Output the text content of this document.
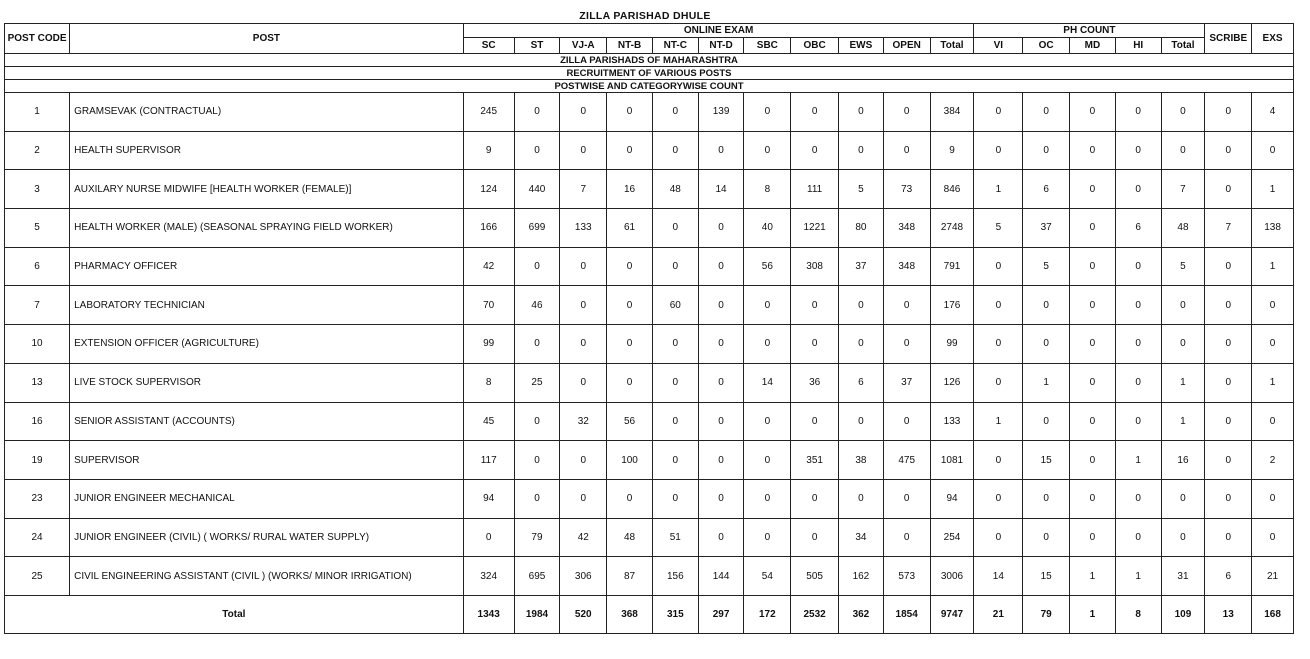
ZILLA PARISHAD DHULE
ZILLA PARISHADS OF MAHARASHTRA																			
RECRUITMENT OF VARIOUS POSTS																			
POSTWISE AND CATEGORYWISE COUNT																			
POST CODE	POST	ONLINE EXAM											PH COUNT					SCRIBE	EXS
		SC	ST	VJ-A	NT-B	NT-C	NT-D	SBC	OBC	EWS	OPEN	Total	VI	OC	MD	HI	Total		
1	GRAMSEVAK (CONTRACTUAL)	245	0	0	0	0	139	0	0	0	0	384	0	0	0	0	0	0	4
2	HEALTH SUPERVISOR	9	0	0	0	0	0	0	0	0	0	9	0	0	0	0	0	0	0
3	AUXILARY NURSE MIDWIFE [HEALTH WORKER (FEMALE)]	124	440	7	16	48	14	8	111	5	73	846	1	6	0	0	7	0	1
5	HEALTH WORKER (MALE) (SEASONAL SPRAYING FIELD WORKER)	166	699	133	61	0	0	40	1221	80	348	2748	5	37	0	6	48	7	138
6	PHARMACY OFFICER	42	0	0	0	0	0	56	308	37	348	791	0	5	0	0	5	0	1
7	LABORATORY TECHNICIAN	70	46	0	0	60	0	0	0	0	0	176	0	0	0	0	0	0	0
10	EXTENSION OFFICER (AGRICULTURE)	99	0	0	0	0	0	0	0	0	0	99	0	0	0	0	0	0	0
13	LIVE STOCK SUPERVISOR	8	25	0	0	0	0	14	36	6	37	126	0	1	0	0	1	0	1
16	SENIOR ASSISTANT (ACCOUNTS)	45	0	32	56	0	0	0	0	0	0	133	1	0	0	0	1	0	0
19	SUPERVISOR	117	0	0	100	0	0	0	351	38	475	1081	0	15	0	1	16	0	2
23	JUNIOR ENGINEER MECHANICAL	94	0	0	0	0	0	0	0	0	0	94	0	0	0	0	0	0	0
24	JUNIOR ENGINEER (CIVIL) ( WORKS/ RURAL WATER SUPPLY)	0	79	42	48	51	0	0	0	34	0	254	0	0	0	0	0	0	0
25	CIVIL ENGINEERING ASSISTANT (CIVIL ) (WORKS/ MINOR IRRIGATION)	324	695	306	87	156	144	54	505	162	573	3006	14	15	1	1	31	6	21
Total		1343	1984	520	368	315	297	172	2532	362	1854	9747	21	79	1	8	109	13	168
